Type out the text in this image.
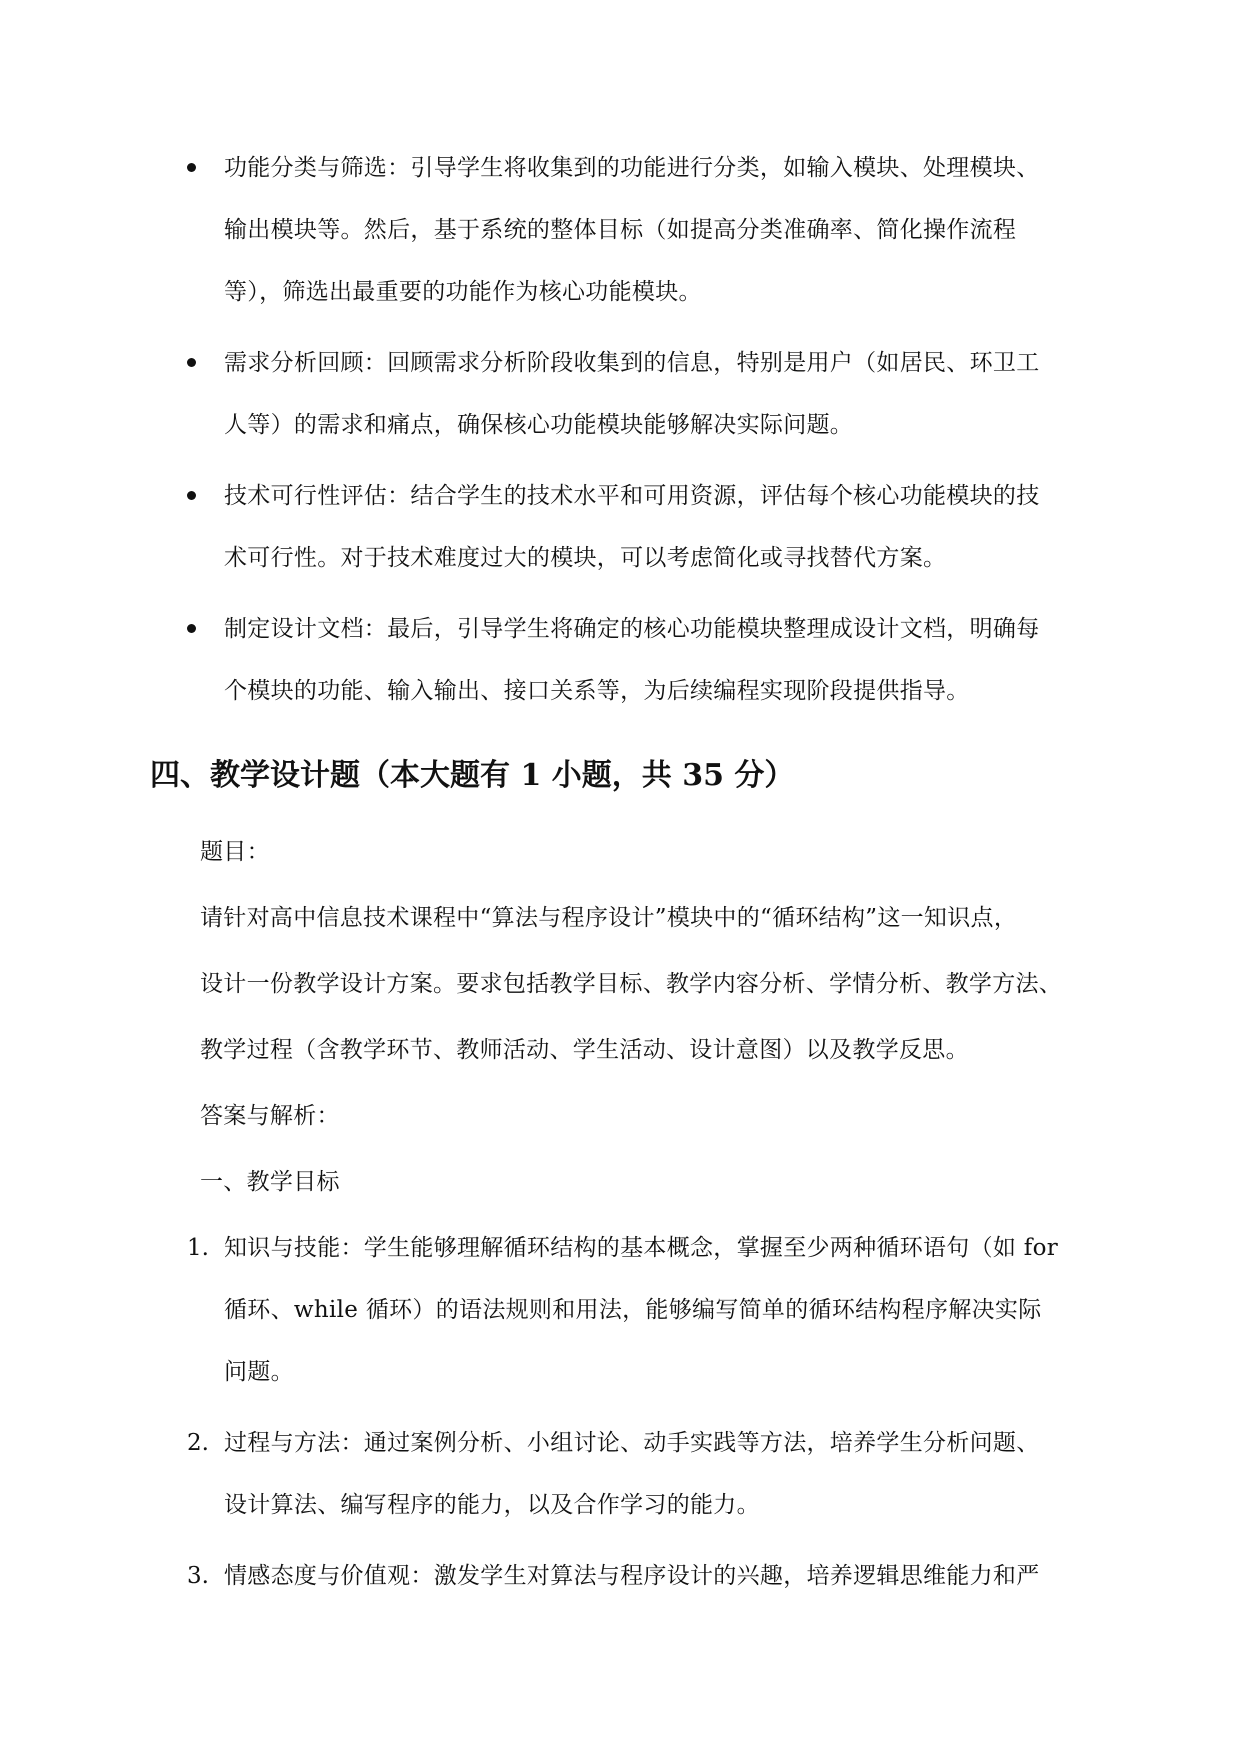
功能分类与筛选：引导学生将收集到的功能进行分类，如输入模块、处理模块、
输出模块等。然后，基于系统的整体目标（如提高分类准确率、简化操作流程
等），筛选出最重要的功能作为核心功能模块。
需求分析回顾：回顾需求分析阶段收集到的信息，特别是用户（如居民、环卫工
人等）的需求和痛点，确保核心功能模块能够解决实际问题。
技术可行性评估：结合学生的技术水平和可用资源，评估每个核心功能模块的技
术可行性。对于技术难度过大的模块，可以考虑简化或寻找替代方案。
制定设计文档：最后，引导学生将确定的核心功能模块整理成设计文档，明确每
个模块的功能、输入输出、接口关系等，为后续编程实现阶段提供指导。
四、教学设计题（本大题有 1 小题，共 35 分）
题目：
请针对高中信息技术课程中“算法与程序设计”模块中的“循环结构”这一知识点，
设计一份教学设计方案。要求包括教学目标、教学内容分析、学情分析、教学方法、
教学过程（含教学环节、教师活动、学生活动、设计意图）以及教学反思。
答案与解析：
一、教学目标
1. 知识与技能：学生能够理解循环结构的基本概念，掌握至少两种循环语句（如 for
循环、while 循环）的语法规则和用法，能够编写简单的循环结构程序解决实际
问题。
2. 过程与方法：通过案例分析、小组讨论、动手实践等方法，培养学生分析问题、
设计算法、编写程序的能力，以及合作学习的能力。
3. 情感态度与价值观：激发学生对算法与程序设计的兴趣，培养逻辑思维能力和严
